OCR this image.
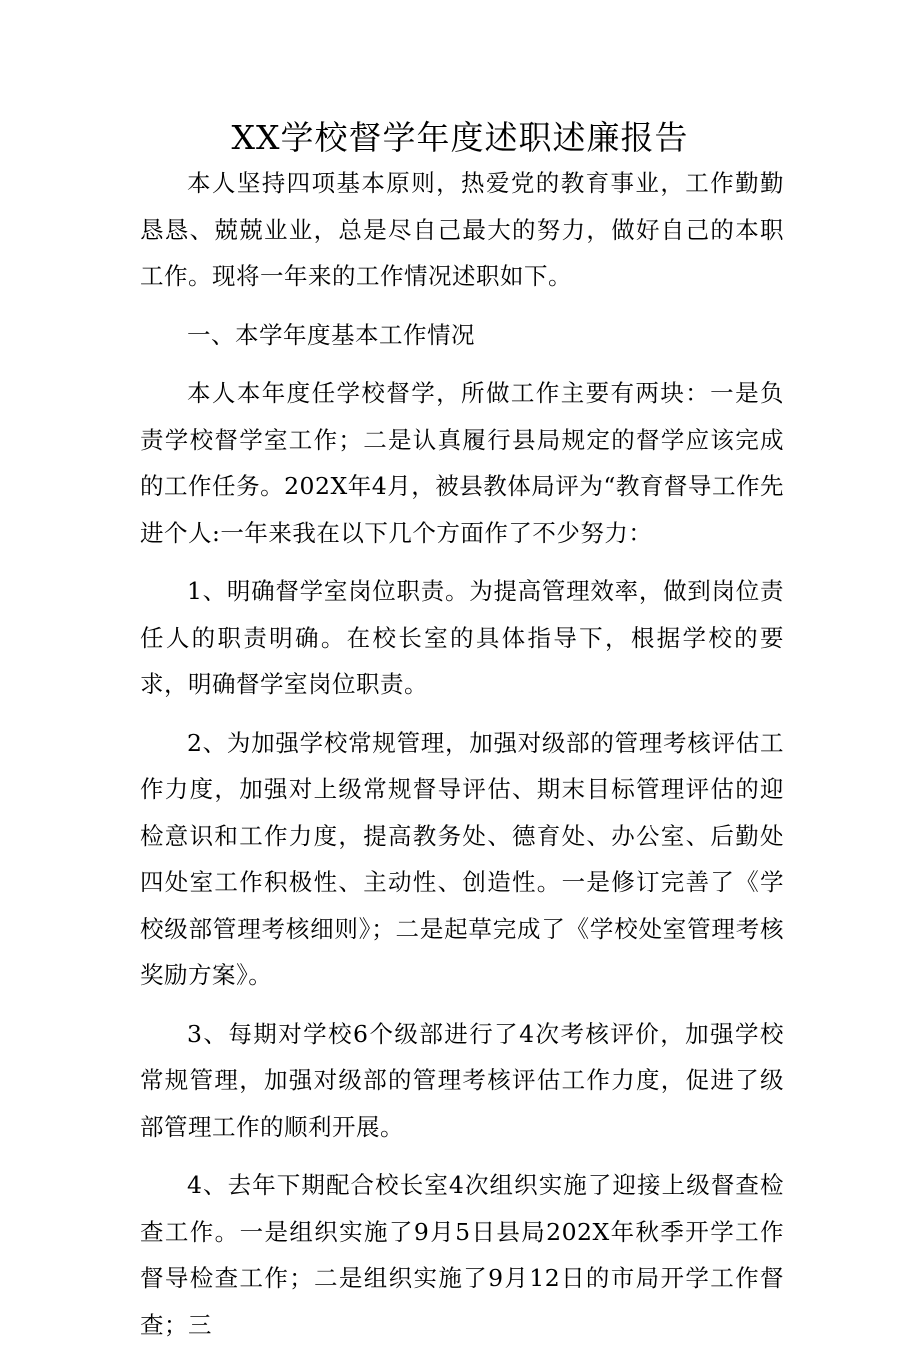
XX学校督学年度述职述廉报告

本人坚持四项基本原则，热爱党的教育事业，工作勤勤恳恳、兢兢业业，总是尽自己最大的努力，做好自己的本职工作。现将一年来的工作情况述职如下。

一、本学年度基本工作情况

本人本年度任学校督学，所做工作主要有两块：一是负责学校督学室工作；二是认真履行县局规定的督学应该完成的工作任务。202X年4月，被县教体局评为“教育督导工作先进个人:一年来我在以下几个方面作了不少努力：

1、明确督学室岗位职责。为提高管理效率，做到岗位责任人的职责明确。在校长室的具体指导下，根据学校的要求，明确督学室岗位职责。

2、为加强学校常规管理，加强对级部的管理考核评估工作力度，加强对上级常规督导评估、期末目标管理评估的迎检意识和工作力度，提高教务处、德育处、办公室、后勤处四处室工作积极性、主动性、创造性。一是修订完善了《学校级部管理考核细则》；二是起草完成了《学校处室管理考核奖励方案》。

3、每期对学校6个级部进行了4次考核评价，加强学校常规管理，加强对级部的管理考核评估工作力度，促进了级部管理工作的顺利开展。

4、去年下期配合校长室4次组织实施了迎接上级督查检查工作。一是组织实施了9月5日县局202X年秋季开学工作督导检查工作；二是组织实施了9月12日的市局开学工作督查；三
